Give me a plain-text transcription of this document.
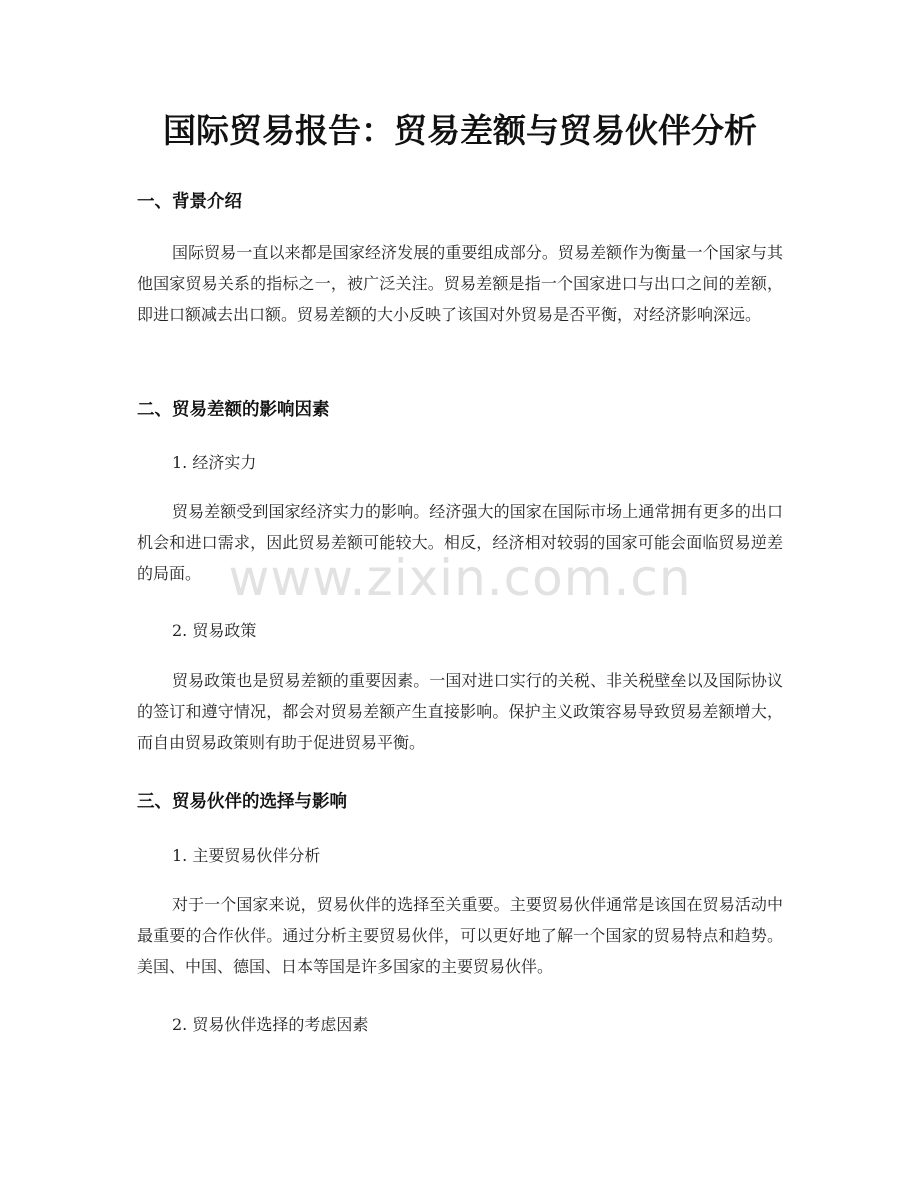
国际贸易报告：贸易差额与贸易伙伴分析
一、背景介绍

国际贸易一直以来都是国家经济发展的重要组成部分。贸易差额作为衡量一个国家与其他国家贸易关系的指标之一，被广泛关注。贸易差额是指一个国家进口与出口之间的差额，即进口额减去出口额。贸易差额的大小反映了该国对外贸易是否平衡，对经济影响深远。

二、贸易差额的影响因素

1. 经济实力

贸易差额受到国家经济实力的影响。经济强大的国家在国际市场上通常拥有更多的出口机会和进口需求，因此贸易差额可能较大。相反，经济相对较弱的国家可能会面临贸易逆差的局面。

2. 贸易政策

贸易政策也是贸易差额的重要因素。一国对进口实行的关税、非关税壁垒以及国际协议的签订和遵守情况，都会对贸易差额产生直接影响。保护主义政策容易导致贸易差额增大，而自由贸易政策则有助于促进贸易平衡。

三、贸易伙伴的选择与影响

1. 主要贸易伙伴分析

对于一个国家来说，贸易伙伴的选择至关重要。主要贸易伙伴通常是该国在贸易活动中最重要的合作伙伴。通过分析主要贸易伙伴，可以更好地了解一个国家的贸易特点和趋势。美国、中国、德国、日本等国是许多国家的主要贸易伙伴。

2. 贸易伙伴选择的考虑因素

www.zixin.com.cn
